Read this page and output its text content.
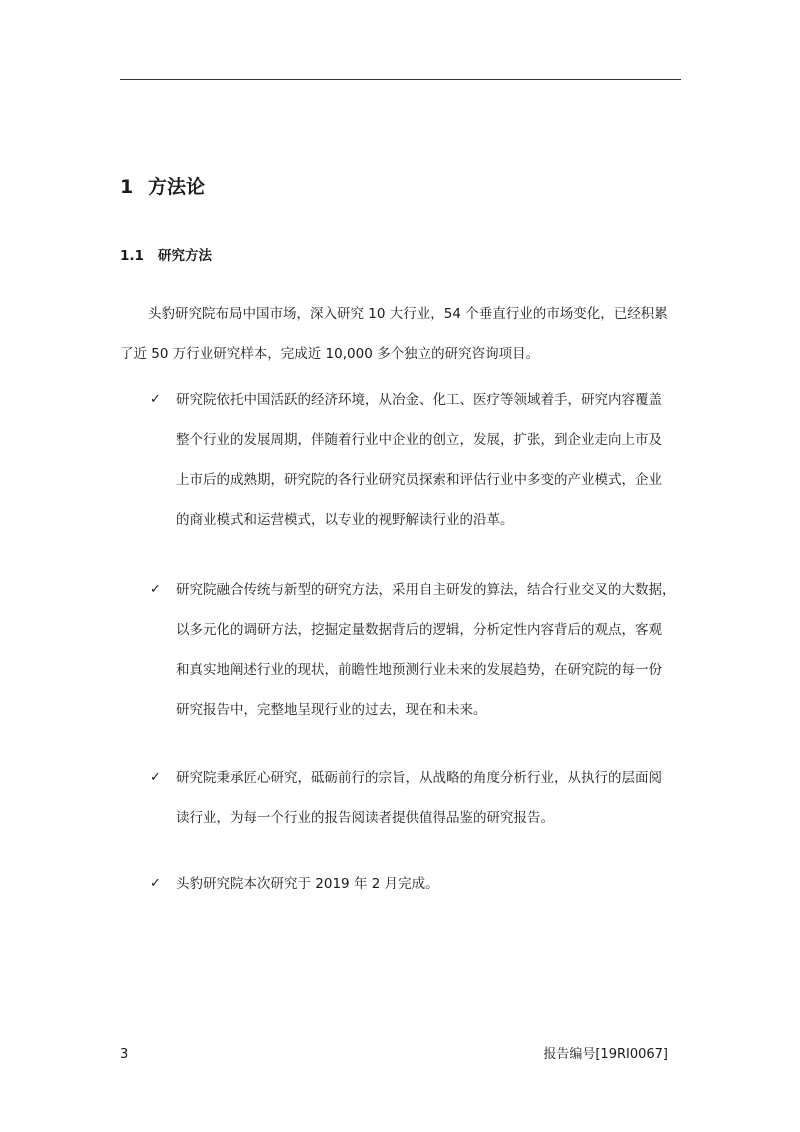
1 方法论
1.1 研究方法
头豹研究院布局中国市场，深入研究 10 大行业，54 个垂直行业的市场变化，已经积累
了近 50 万行业研究样本，完成近 10,000 多个独立的研究咨询项目。
✓ 研究院依托中国活跃的经济环境，从冶金、化工、医疗等领域着手，研究内容覆盖
整个行业的发展周期，伴随着行业中企业的创立，发展，扩张，到企业走向上市及
上市后的成熟期，研究院的各行业研究员探索和评估行业中多变的产业模式，企业
的商业模式和运营模式，以专业的视野解读行业的沿革。
✓ 研究院融合传统与新型的研究方法，采用自主研发的算法，结合行业交叉的大数据，
以多元化的调研方法，挖掘定量数据背后的逻辑，分析定性内容背后的观点，客观
和真实地阐述行业的现状，前瞻性地预测行业未来的发展趋势，在研究院的每一份
研究报告中，完整地呈现行业的过去，现在和未来。
✓ 研究院秉承匠心研究，砥砺前行的宗旨，从战略的角度分析行业，从执行的层面阅
读行业，为每一个行业的报告阅读者提供值得品鉴的研究报告。
✓ 头豹研究院本次研究于 2019 年 2 月完成。
3	报告编号[19RI0067]
